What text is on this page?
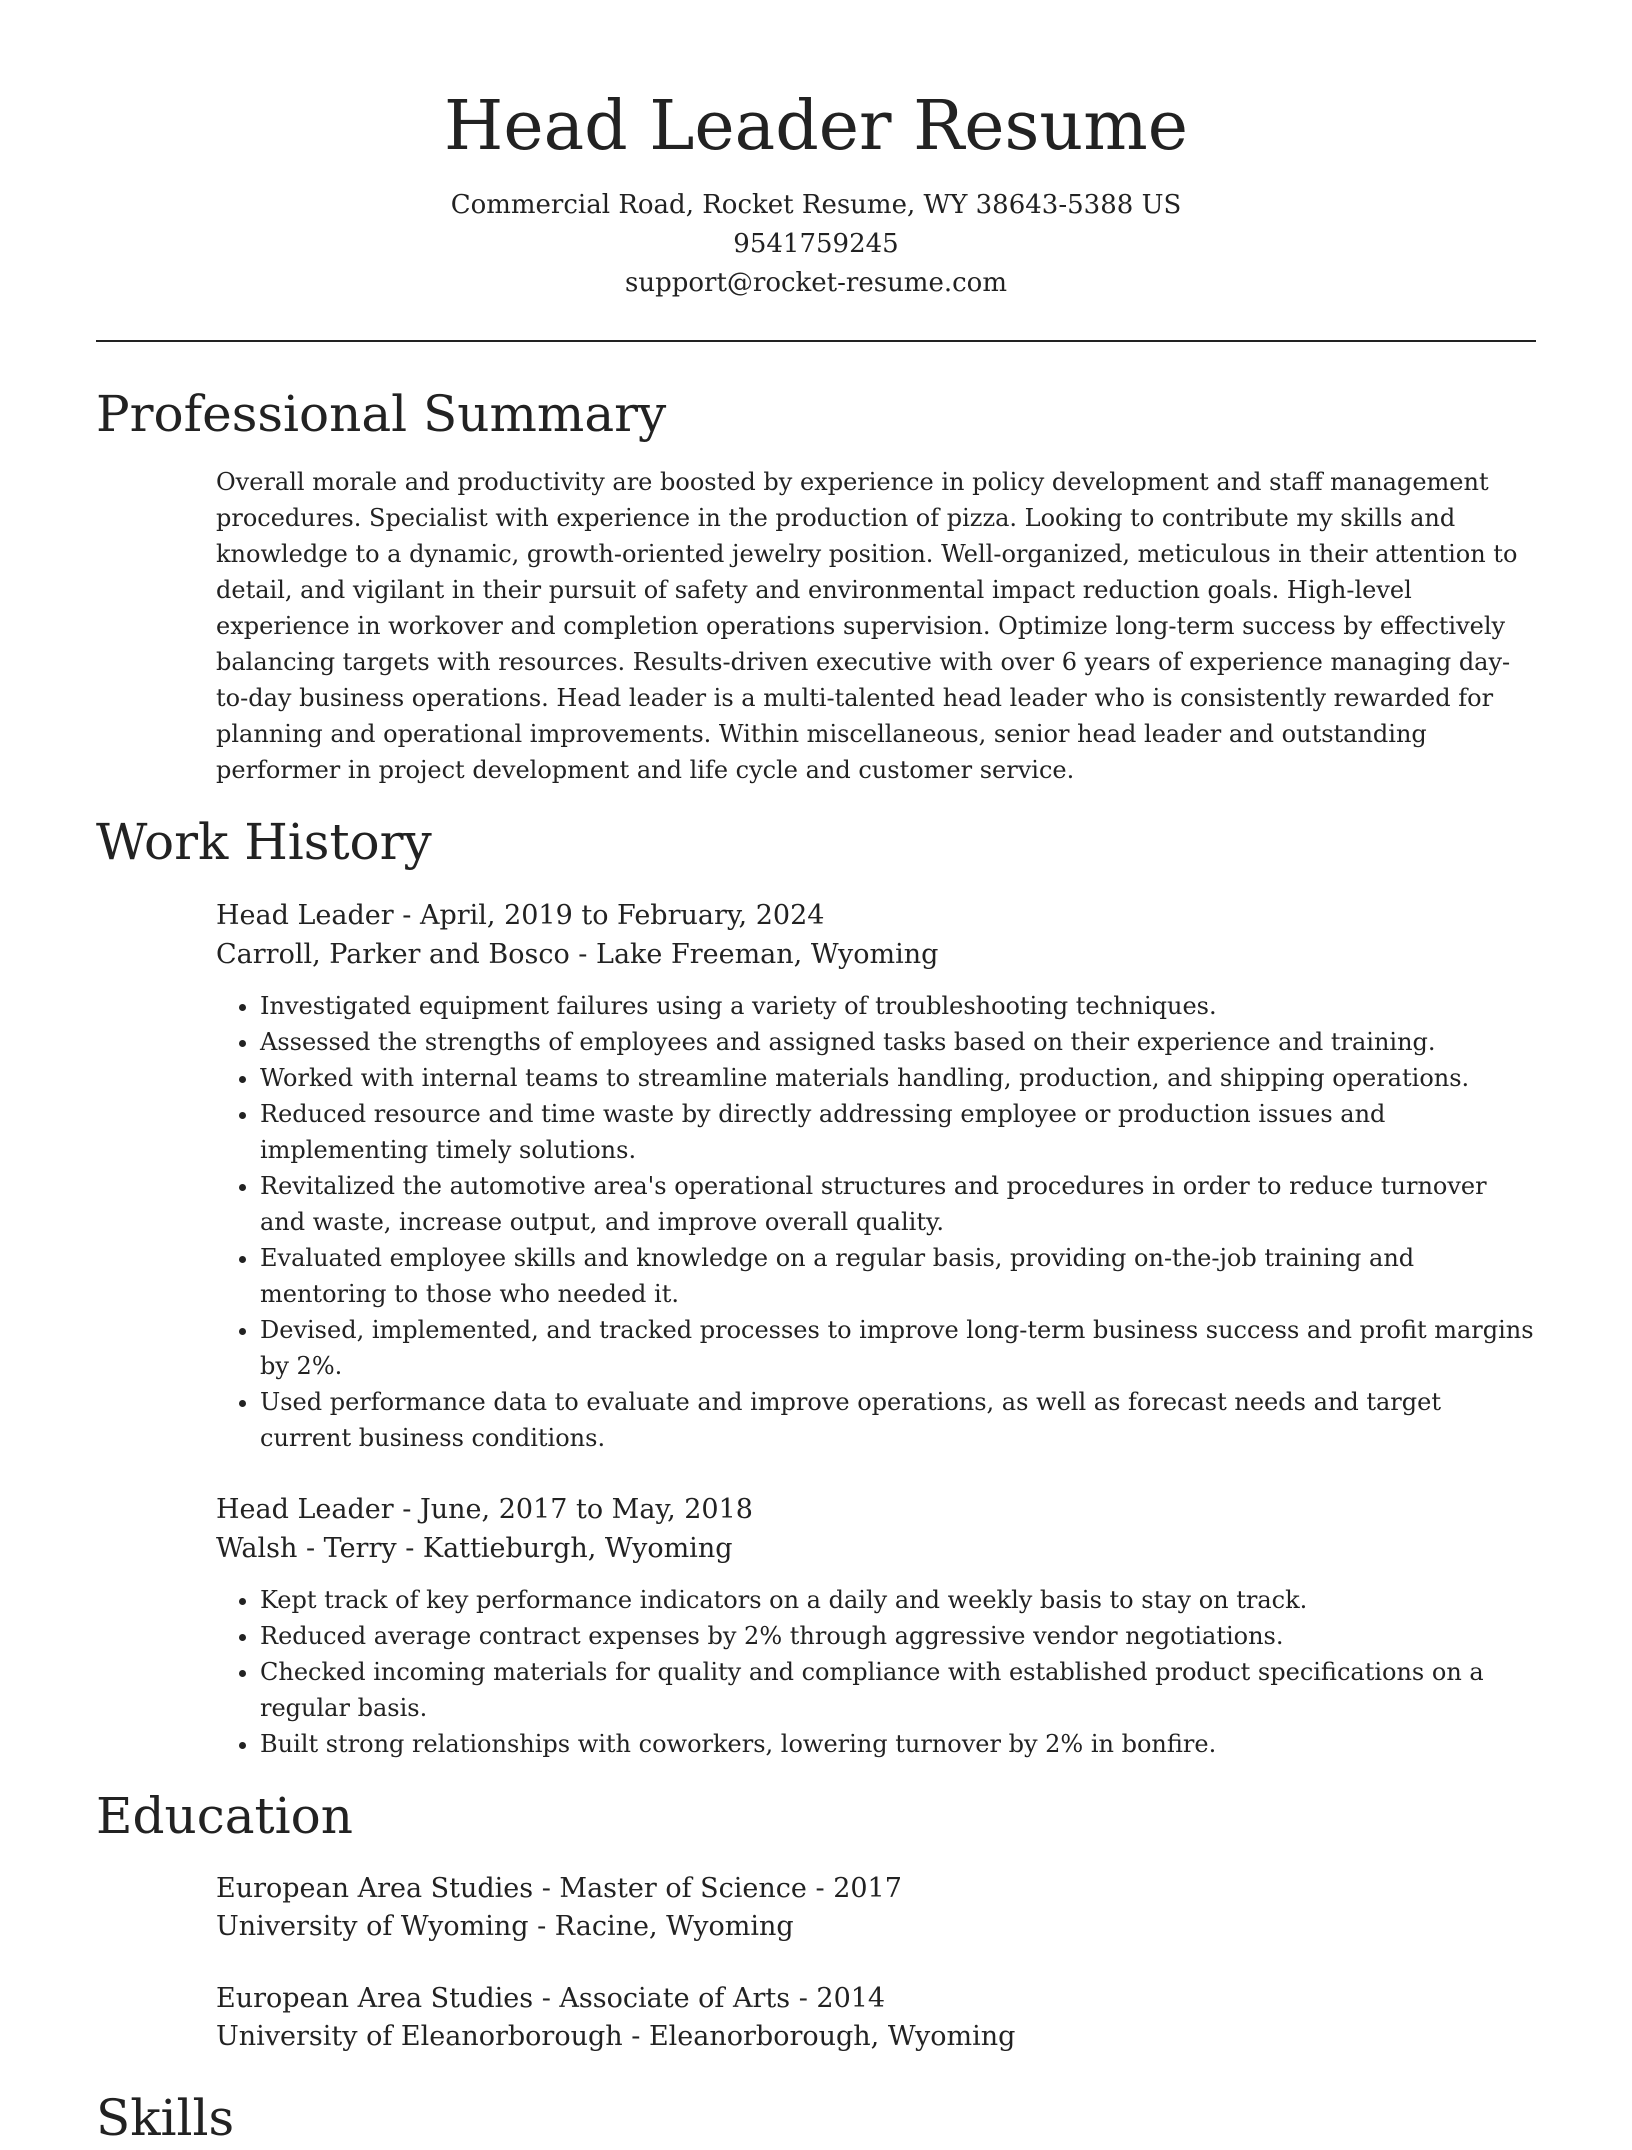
Head Leader Resume
Commercial Road, Rocket Resume, WY 38643-5388 US
9541759245
support@rocket-resume.com
Professional Summary
Overall morale and productivity are boosted by experience in policy development and staff management procedures. Specialist with experience in the production of pizza. Looking to contribute my skills and knowledge to a dynamic, growth-oriented jewelry position. Well-organized, meticulous in their attention to detail, and vigilant in their pursuit of safety and environmental impact reduction goals. High-level experience in workover and completion operations supervision. Optimize long-term success by effectively balancing targets with resources. Results-driven executive with over 6 years of experience managing day-to-day business operations. Head leader is a multi-talented head leader who is consistently rewarded for planning and operational improvements. Within miscellaneous, senior head leader and outstanding performer in project development and life cycle and customer service.
Work History
Head Leader - April, 2019 to February, 2024
Carroll, Parker and Bosco - Lake Freeman, Wyoming
• Investigated equipment failures using a variety of troubleshooting techniques.
• Assessed the strengths of employees and assigned tasks based on their experience and training.
• Worked with internal teams to streamline materials handling, production, and shipping operations.
• Reduced resource and time waste by directly addressing employee or production issues and implementing timely solutions.
• Revitalized the automotive area's operational structures and procedures in order to reduce turnover and waste, increase output, and improve overall quality.
• Evaluated employee skills and knowledge on a regular basis, providing on-the-job training and mentoring to those who needed it.
• Devised, implemented, and tracked processes to improve long-term business success and profit margins by 2%.
• Used performance data to evaluate and improve operations, as well as forecast needs and target current business conditions.
Head Leader - June, 2017 to May, 2018
Walsh - Terry - Kattieburgh, Wyoming
• Kept track of key performance indicators on a daily and weekly basis to stay on track.
• Reduced average contract expenses by 2% through aggressive vendor negotiations.
• Checked incoming materials for quality and compliance with established product specifications on a regular basis.
• Built strong relationships with coworkers, lowering turnover by 2% in bonfire.
Education
European Area Studies - Master of Science - 2017
University of Wyoming - Racine, Wyoming
European Area Studies - Associate of Arts - 2014
University of Eleanorborough - Eleanorborough, Wyoming
Skills
